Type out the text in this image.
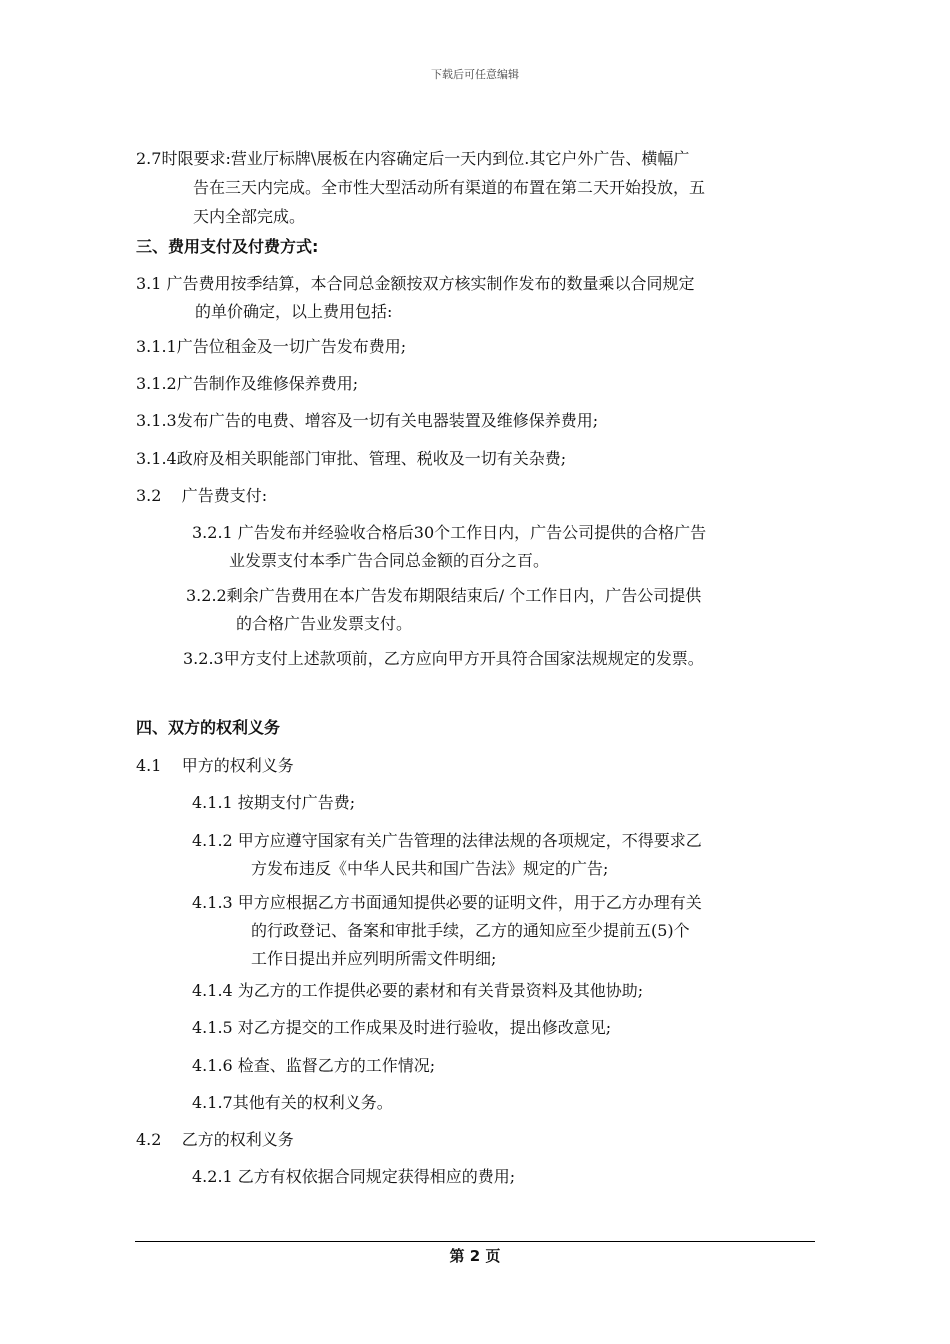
下载后可任意编辑
2.7时限要求:营业厅标牌\展板在内容确定后一天内到位.其它户外广告、横幅广
告在三天内完成。全市性大型活动所有渠道的布置在第二天开始投放，五
天内全部完成。
三、费用支付及付费方式:
3.1 广告费用按季结算，本合同总金额按双方核实制作发布的数量乘以合同规定
的单价确定，以上费用包括:
3.1.1广告位租金及一切广告发布费用;
3.1.2广告制作及维修保养费用;
3.1.3发布广告的电费、增容及一切有关电器装置及维修保养费用;
3.1.4政府及相关职能部门审批、管理、税收及一切有关杂费;
3.2    广告费支付:
3.2.1 广告发布并经验收合格后30个工作日内，广告公司提供的合格广告
业发票支付本季广告合同总金额的百分之百。
3.2.2剩余广告费用在本广告发布期限结束后/ 个工作日内，广告公司提供
的合格广告业发票支付。
3.2.3甲方支付上述款项前，乙方应向甲方开具符合国家法规规定的发票。
四、双方的权利义务
4.1    甲方的权利义务
4.1.1 按期支付广告费;
4.1.2 甲方应遵守国家有关广告管理的法律法规的各项规定，不得要求乙
方发布违反《中华人民共和国广告法》规定的广告;
4.1.3 甲方应根据乙方书面通知提供必要的证明文件，用于乙方办理有关
的行政登记、备案和审批手续，乙方的通知应至少提前五(5)个
工作日提出并应列明所需文件明细;
4.1.4 为乙方的工作提供必要的素材和有关背景资料及其他协助;
4.1.5 对乙方提交的工作成果及时进行验收，提出修改意见;
4.1.6 检查、监督乙方的工作情况;
4.1.7其他有关的权利义务。
4.2    乙方的权利义务
4.2.1 乙方有权依据合同规定获得相应的费用;
第 2 页
